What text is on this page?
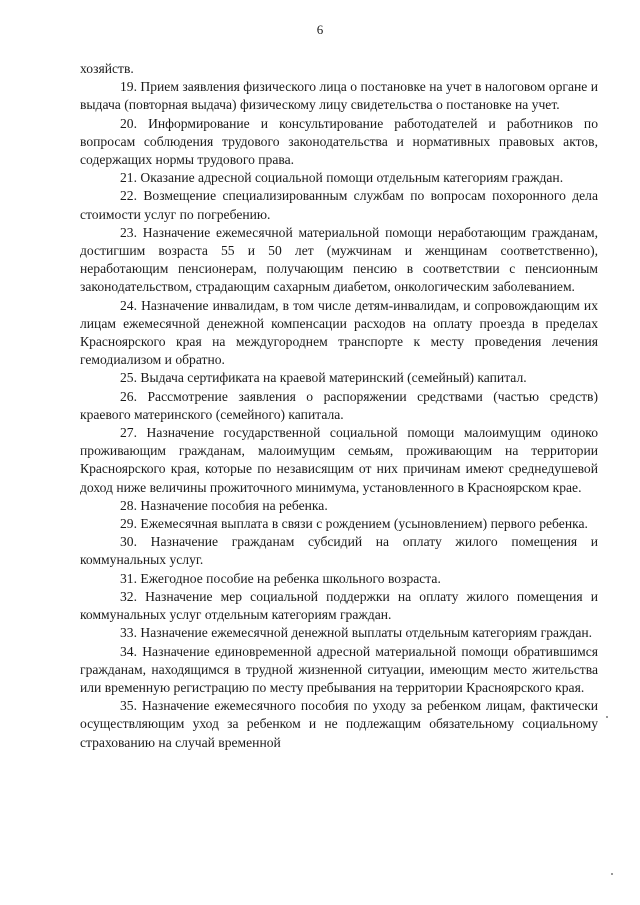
6

хозяйств.

19. Прием заявления физического лица о постановке на учет в налоговом органе и выдача (повторная выдача) физическому лицу свидетельства о постановке на учет.

20. Информирование и консультирование работодателей и работников по вопросам соблюдения трудового законодательства и нормативных правовых актов, содержащих нормы трудового права.

21. Оказание адресной социальной помощи отдельным категориям граждан.

22. Возмещение специализированным службам по вопросам похоронного дела стоимости услуг по погребению.

23. Назначение ежемесячной материальной помощи неработающим гражданам, достигшим возраста 55 и 50 лет (мужчинам и женщинам соответственно), неработающим пенсионерам, получающим пенсию в соответствии с пенсионным законодательством, страдающим сахарным диабетом, онкологическим заболеванием.

24. Назначение инвалидам, в том числе детям-инвалидам, и сопровождающим их лицам ежемесячной денежной компенсации расходов на оплату проезда в пределах Красноярского края на междугороднем транспорте к месту проведения лечения гемодиализом и обратно.

25. Выдача сертификата на краевой материнский (семейный) капитал.

26. Рассмотрение заявления о распоряжении средствами (частью средств) краевого материнского (семейного) капитала.

27. Назначение государственной социальной помощи малоимущим одиноко проживающим гражданам, малоимущим семьям, проживающим на территории Красноярского края, которые по независящим от них причинам имеют среднедушевой доход ниже величины прожиточного минимума, установленного в Красноярском крае.

28. Назначение пособия на ребенка.

29. Ежемесячная выплата в связи с рождением (усыновлением) первого ребенка.

30. Назначение гражданам субсидий на оплату жилого помещения и коммунальных услуг.

31. Ежегодное пособие на ребенка школьного возраста.

32. Назначение мер социальной поддержки на оплату жилого помещения и коммунальных услуг отдельным категориям граждан.

33. Назначение ежемесячной денежной выплаты отдельным категориям граждан.

34. Назначение единовременной адресной материальной помощи обратившимся гражданам, находящимся в трудной жизненной ситуации, имеющим место жительства или временную регистрацию по месту пребывания на территории Красноярского края.

35. Назначение ежемесячного пособия по уходу за ребенком лицам, фактически осуществляющим уход за ребенком и не подлежащим обязательному социальному страхованию на случай временной
